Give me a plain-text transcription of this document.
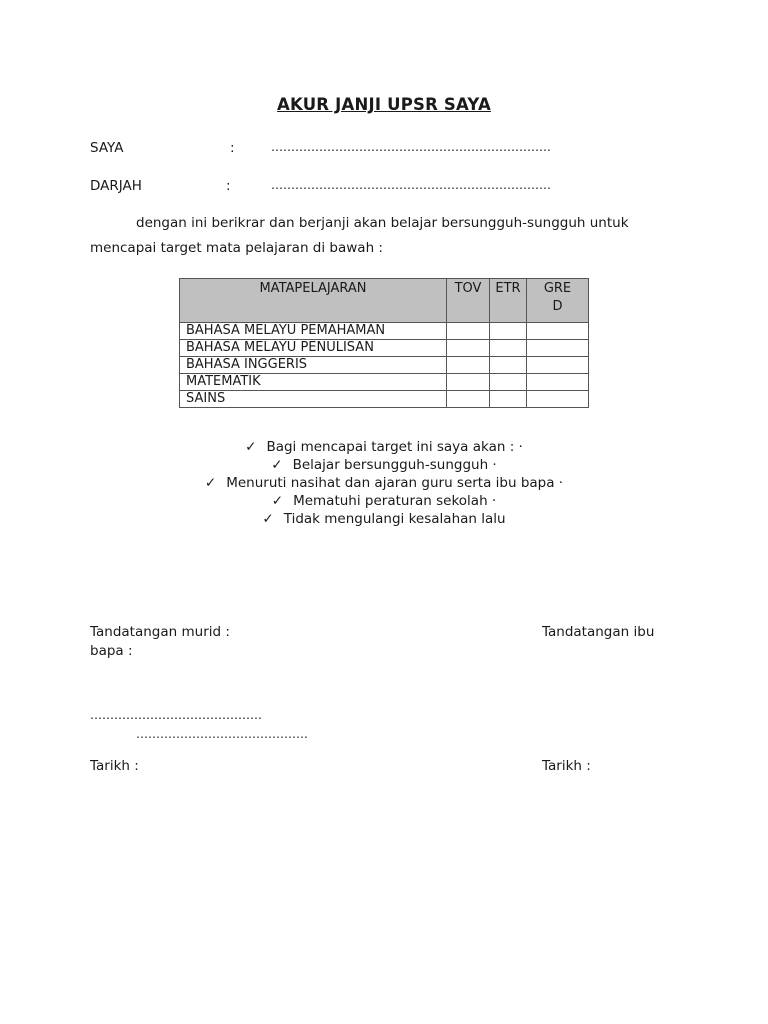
AKUR JANJI UPSR SAYA
SAYA	:	…………………………………………………………….
DARJAH	:	…………………………………………………………….
dengan ini berikrar dan berjanji akan belajar bersungguh-sungguh untuk
mencapai target mata pelajaran di bawah :
MATAPELAJARAN	TOV	ETR	GRE
D
BAHASA MELAYU PEMAHAMAN			
BAHASA MELAYU PENULISAN			
BAHASA INGGERIS			
MATEMATIK			
SAINS			
✓ Bagi mencapai target ini saya akan : ·
✓ Belajar bersungguh-sungguh ·
✓ Menuruti nasihat dan ajaran guru serta ibu bapa ·
✓ Mematuhi peraturan sekolah ·
✓ Tidak mengulangi kesalahan lalu
Tandatangan murid :	Tandatangan ibu
bapa :
…………………………………….
…………………………………….
Tarikh :	Tarikh :
